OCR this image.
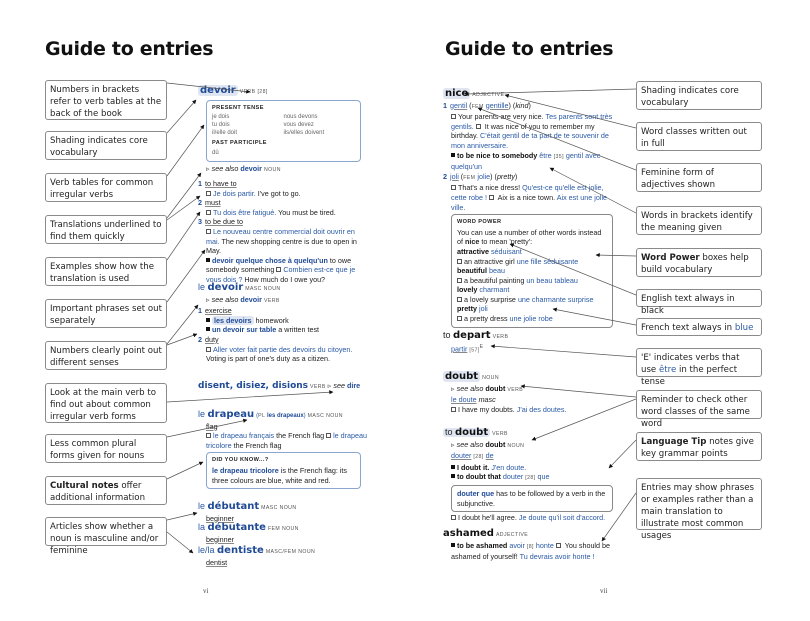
Guide to entries
Numbers in brackets refer to verb tables at the back of the book
Shading indicates core vocabulary
Verb tables for common irregular verbs
Translations underlined to find them quickly
Examples show how the translation is used
Important phrases set out separately
Numbers clearly point out different senses
Look at the main verb to find out about common irregular verb forms
Less common plural forms given for nouns
Cultural notes offer additional information
Articles show whether a noun is masculine and/or feminine
devoir VERB [28]
PRESENT TENSE
je dois	nous devons
tu dois	vous devez
il/elle doit	ils/elles doivent
PAST PARTICIPLE
dû
▹ see also devoir NOUN
1 to have to
Je dois partir. I've got to go.
2 must
Tu dois être fatigué. You must be tired.
3 to be due to
Le nouveau centre commercial doit ouvrir en mai. The new shopping centre is due to open in May.
devoir quelque chose à quelqu'un to owe somebody something Combien est-ce que je vous dois ? How much do I owe you?
le devoir MASC NOUN
▹ see also devoir VERB
1 exercise
les devoirs homework
un devoir sur table a written test
2 duty
Aller voter fait partie des devoirs du citoyen. Voting is part of one's duty as a citizen.
disent, disiez, disions VERB ▹ see dire
le drapeau (PL les drapeaux) MASC NOUN
flag
le drapeau français the French flag le drapeau tricolore the French flag
DID YOU KNOW...?
le drapeau tricolore is the French flag: its three colours are blue, white and red.
le débutant MASC NOUN
beginner
la débutante FEM NOUN
beginner
le/la dentiste MASC/FEM NOUN
dentist
vi
Guide to entries
nice ADJECTIVE
1 gentil (FEM gentille) (kind)
Your parents are very nice. Tes parents sont très gentils.  It was nice of you to remember my birthday. C'était gentil de ta part de te souvenir de mon anniversaire.
to be nice to somebody être [35] gentil avec quelqu'un
2 joli (FEM jolie) (pretty)
That's a nice dress! Qu'est-ce qu'elle est jolie, cette robe !  Aix is a nice town. Aix est une jolie ville.
WORD POWER
You can use a number of other words instead of nice to mean 'pretty':
attractive séduisant
an attractive girl une fille séduisante
beautiful beau
a beautiful painting un beau tableau
lovely charmant
a lovely surprise une charmante surprise
pretty joli
a pretty dress une jolie robe
to depart VERB
partir $[57]^E$
doubt NOUN
▹ see also doubt VERB
le doute masc
I have my doubts. J'ai des doutes.
to doubt VERB
▹ see also doubt NOUN
douter [28] de
I doubt it. J'en doute.
to doubt that douter [28] que
douter que has to be followed by a verb in the subjunctive.
I doubt he'll agree. Je doute qu'il soit d'accord.
ashamed ADJECTIVE
to be ashamed avoir [8] honte  You should be ashamed of yourself! Tu devrais avoir honte !
Shading indicates core vocabulary
Word classes written out in full
Feminine form of adjectives shown
Words in brackets identify the meaning given
Word Power boxes help build vocabulary
English text always in black
French text always in blue
'E' indicates verbs that use être in the perfect tense
Reminder to check other word classes of the same word
Language Tip notes give key grammar points
Entries may show phrases or examples rather than a main translation to illustrate most common usages
vii
